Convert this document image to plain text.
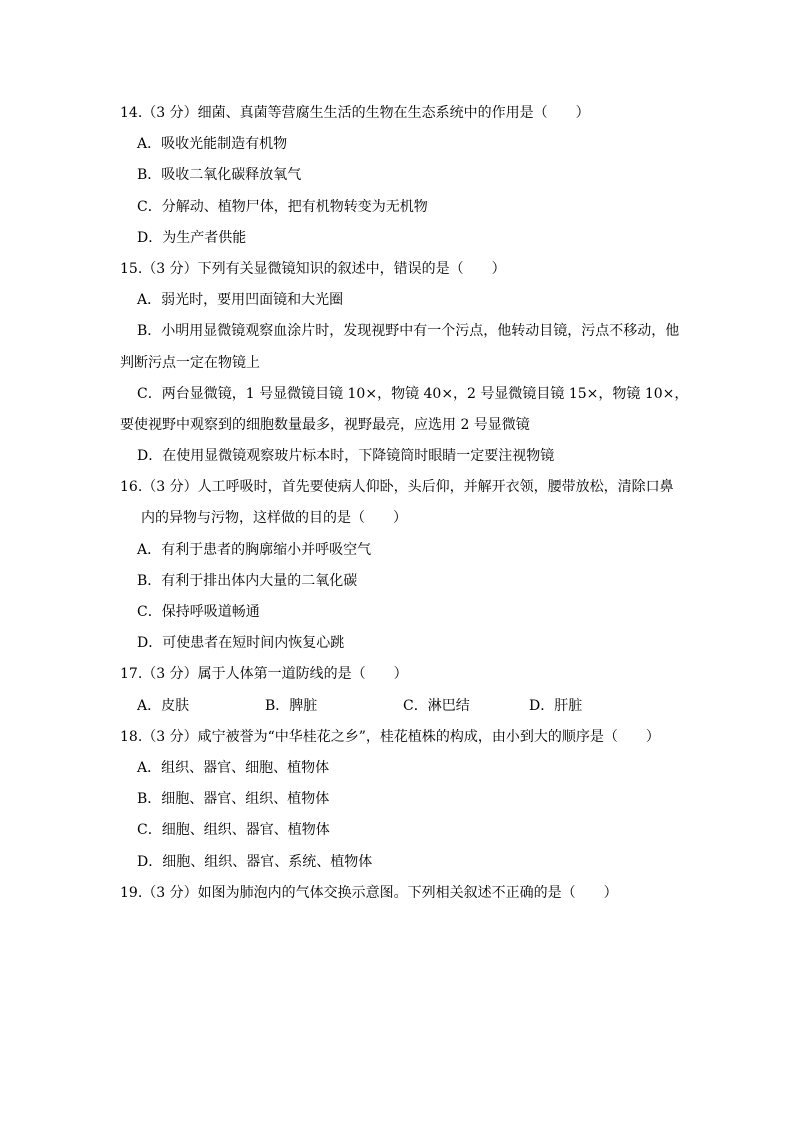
14.（3 分）细菌、真菌等营腐生生活的生物在生态系统中的作用是（　　）
A．吸收光能制造有机物
B．吸收二氧化碳释放氧气
C．分解动、植物尸体，把有机物转变为无机物
D．为生产者供能
15.（3 分）下列有关显微镜知识的叙述中，错误的是（　　）
A．弱光时，要用凹面镜和大光圈
B．小明用显微镜观察血涂片时，发现视野中有一个污点，他转动目镜，污点不移动，他
判断污点一定在物镜上
C．两台显微镜，1 号显微镜目镜 10×，物镜 40×，2 号显微镜目镜 15×，物镜 10×，
要使视野中观察到的细胞数量最多，视野最亮，应选用 2 号显微镜
D．在使用显微镜观察玻片标本时，下降镜筒时眼睛一定要注视物镜
16.（3 分）人工呼吸时，首先要使病人仰卧，头后仰，并解开衣领，腰带放松，清除口鼻
内的异物与污物，这样做的目的是（　　）
A．有利于患者的胸廓缩小并呼吸空气
B．有利于排出体内大量的二氧化碳
C．保持呼吸道畅通
D．可使患者在短时间内恢复心跳
17.（3 分）属于人体第一道防线的是（　　）
A．皮肤	B．脾脏	C．淋巴结	D．肝脏
18.（3 分）咸宁被誉为“中华桂花之乡”，桂花植株的构成，由小到大的顺序是（　　）
A．组织、器官、细胞、植物体
B．细胞、器官、组织、植物体
C．细胞、组织、器官、植物体
D．细胞、组织、器官、系统、植物体
19.（3 分）如图为肺泡内的气体交换示意图。下列相关叙述不正确的是（　　）
